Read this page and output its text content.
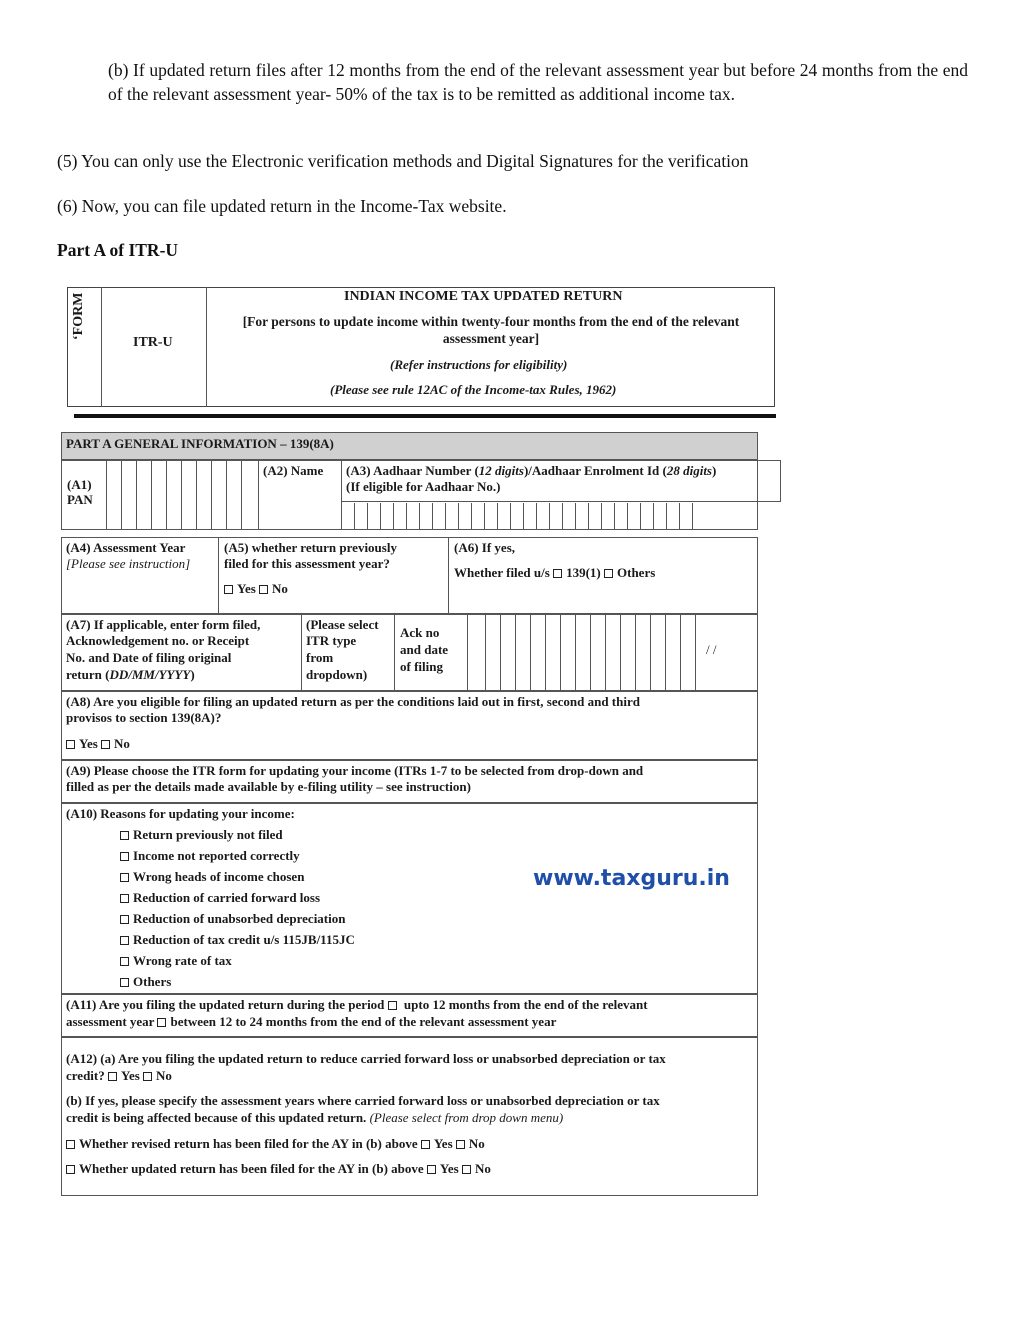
(b) If updated return files after 12 months from the end of the relevant assessment year but before 24 months from the end of the relevant assessment year- 50% of the tax is to be remitted as additional income tax.
(5) You can only use the Electronic verification methods and Digital Signatures for the verification
(6) Now, you can file updated return in the Income-Tax website.
Part A of ITR-U
‘FORM
ITR-U
INDIAN INCOME TAX UPDATED RETURN
[For persons to update income within twenty-four months from the end of the relevant assessment year]
(Refer instructions for eligibility)
(Please see rule 12AC of the Income-tax Rules, 1962)
PART A GENERAL INFORMATION – 139(8A)
(A1)
PAN
(A2) Name (A3) Aadhaar Number (12 digits)/Aadhaar Enrolment Id (28 digits)
(If eligible for Aadhaar No.)
(A4) Assessment Year
[Please see instruction]
(A5) whether return previously
filed for this assessment year?
Yes No
(A6) If yes,
Whether filed u/s 139(1) Others
(A7) If applicable, enter form filed,
Acknowledgement no. or Receipt
No. and Date of filing original
return (DD/MM/YYYY)
(Please select
ITR type
from
dropdown)
Ack no
and date
of filing
/ /
(A8) Are you eligible for filing an updated return as per the conditions laid out in first, second and third
provisos to section 139(8A)?
Yes No
(A9) Please choose the ITR form for updating your income (ITRs 1-7 to be selected from drop-down and
filled as per the details made available by e-filing utility – see instruction)
(A10) Reasons for updating your income:
Return previously not filed
Income not reported correctly
Wrong heads of income chosen
Reduction of carried forward loss
Reduction of unabsorbed depreciation
Reduction of tax credit u/s 115JB/115JC
Wrong rate of tax
Others
www.taxguru.in
(A11) Are you filing the updated return during the period upto 12 months from the end of the relevant
assessment year between 12 to 24 months from the end of the relevant assessment year
(A12) (a) Are you filing the updated return to reduce carried forward loss or unabsorbed depreciation or tax
credit? Yes No
(b) If yes, please specify the assessment years where carried forward loss or unabsorbed depreciation or tax
credit is being affected because of this updated return. (Please select from drop down menu)
Whether revised return has been filed for the AY in (b) above Yes No
Whether updated return has been filed for the AY in (b) above Yes No
